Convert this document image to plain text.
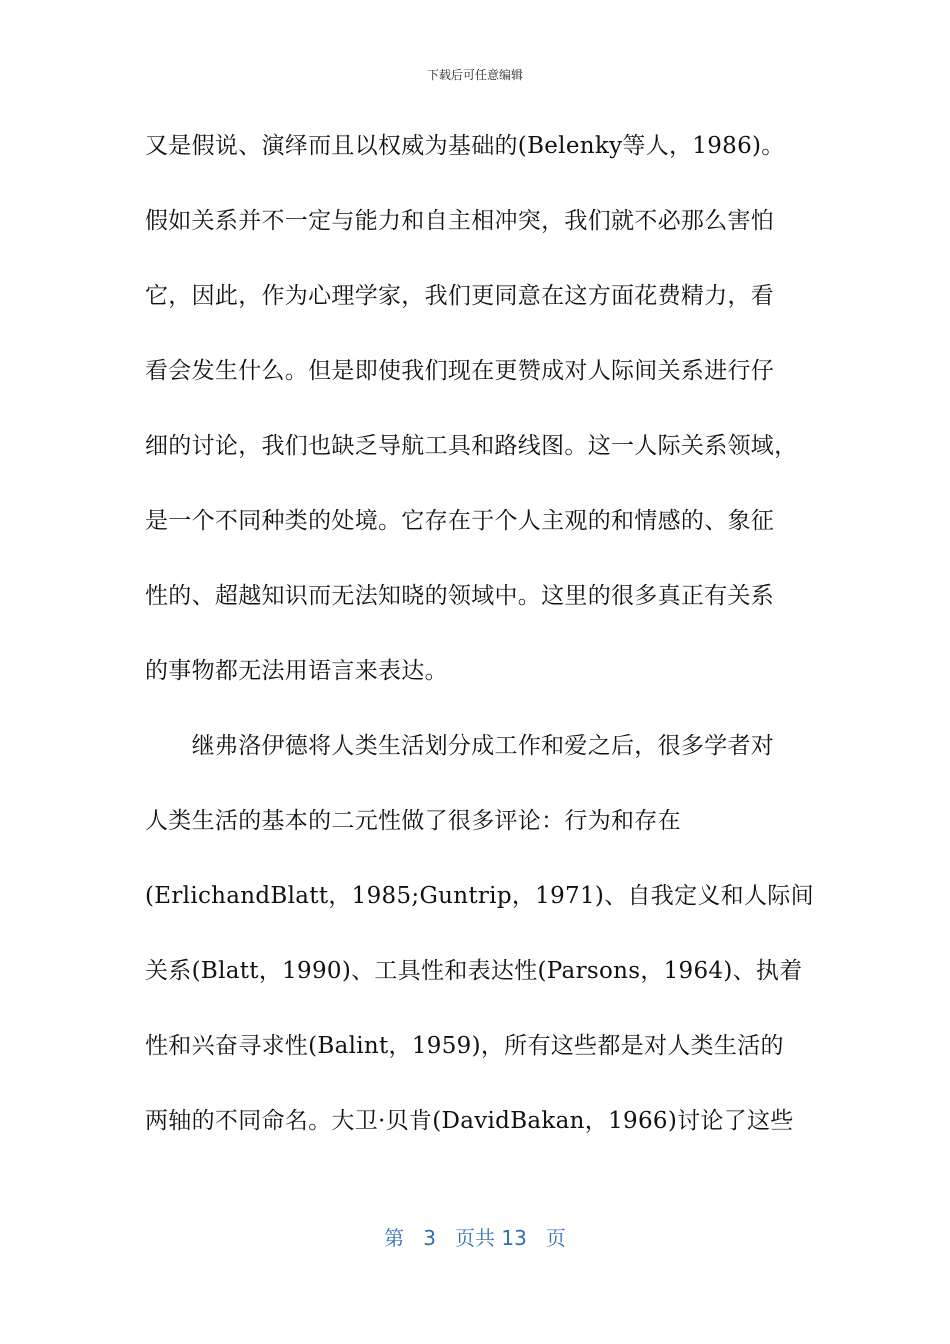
下载后可任意编辑
又是假说、演绎而且以权威为基础的(Belenky等人，1986)。
假如关系并不一定与能力和自主相冲突，我们就不必那么害怕
它，因此，作为心理学家，我们更同意在这方面花费精力，看
看会发生什么。但是即使我们现在更赞成对人际间关系进行仔
细的讨论，我们也缺乏导航工具和路线图。这一人际关系领域，
是一个不同种类的处境。它存在于个人主观的和情感的、象征
性的、超越知识而无法知晓的领域中。这里的很多真正有关系
的事物都无法用语言来表达。
　　继弗洛伊德将人类生活划分成工作和爱之后，很多学者对
人类生活的基本的二元性做了很多评论：行为和存在
(ErlichandBlatt，1985;Guntrip，1971)、自我定义和人际间
关系(Blatt，1990)、工具性和表达性(Parsons，1964)、执着
性和兴奋寻求性(Balint，1959)，所有这些都是对人类生活的
两轴的不同命名。大卫·贝肯(DavidBakan，1966)讨论了这些
第 3 页共 13 页
